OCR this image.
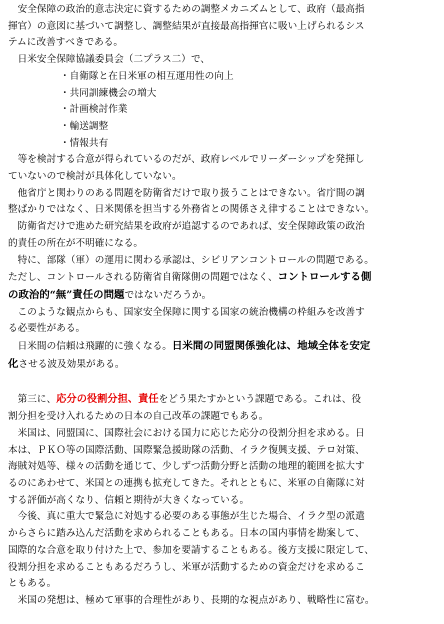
　安全保障の政治的意志決定に資するための調整メカニズムとして、政府（最高指

揮官）の意図に基づいて調整し、調整結果が直接最高指揮官に吸い上げられるシス

テムに改善すべきである。

　日米安全保障協議委員会（二プラス二）で、

・自衛隊と在日米軍の相互運用性の向上

・共同訓練機会の増大

・計画検討作業

・輸送調整

・情報共有

　等を検討する合意が得られているのだが、政府レベルでリーダーシップを発揮し

ていないので検討が具体化していない。

　他省庁と関わりのある問題を防衛省だけで取り扱うことはできない。省庁間の調

整ばかりではなく、日米関係を担当する外務省との関係さえ律することはできない。

　防衛省だけで進めた研究結果を政府が追認するのであれば、安全保障政策の政治

的責任の所在が不明確になる。

　特に、部隊（軍）の運用に関わる承認は、シビリアンコントロールの問題である。

ただし、コントロールされる防衛省自衛隊側の問題ではなく、コントロールする側

の政治的“無”責任の問題ではないだろうか。

　このような観点からも、国家安全保障に関する国家の統治機構の枠組みを改善す

る必要性がある。

　日米間の信頼は飛躍的に強くなる。日米間の同盟関係強化は、地域全体を安定

化させる波及効果がある。

　第三に、応分の役割分担、責任をどう果たすかという課題である。これは、役

割分担を受け入れるための日本の自己改革の課題でもある。

　米国は、同盟国に、国際社会における国力に応じた応分の役割分担を求める。日

本は、ＰＫＯ等の国際活動、国際緊急援助隊の活動、イラク復興支援、テロ対策、

海賊対処等、様々の活動を通じて、少しずつ活動分野と活動の地理的範囲を拡大す

るのにあわせて、米国との連携も拡充してきた。それとともに、米軍の自衛隊に対

する評価が高くなり、信頼と期待が大きくなっている。

　今後、真に重大で緊急に対処する必要のある事態が生じた場合、イラク型の派遣

からさらに踏み込んだ活動を求められることもある。日本の国内事情を勘案して、

国際的な合意を取り付けた上で、参加を要請することもある。後方支援に限定して、

役割分担を求めることもあるだろうし、米軍が活動するための資金だけを求めるこ

ともある。

　米国の発想は、極めて軍事的合理性があり、長期的な視点があり、戦略性に富む。
